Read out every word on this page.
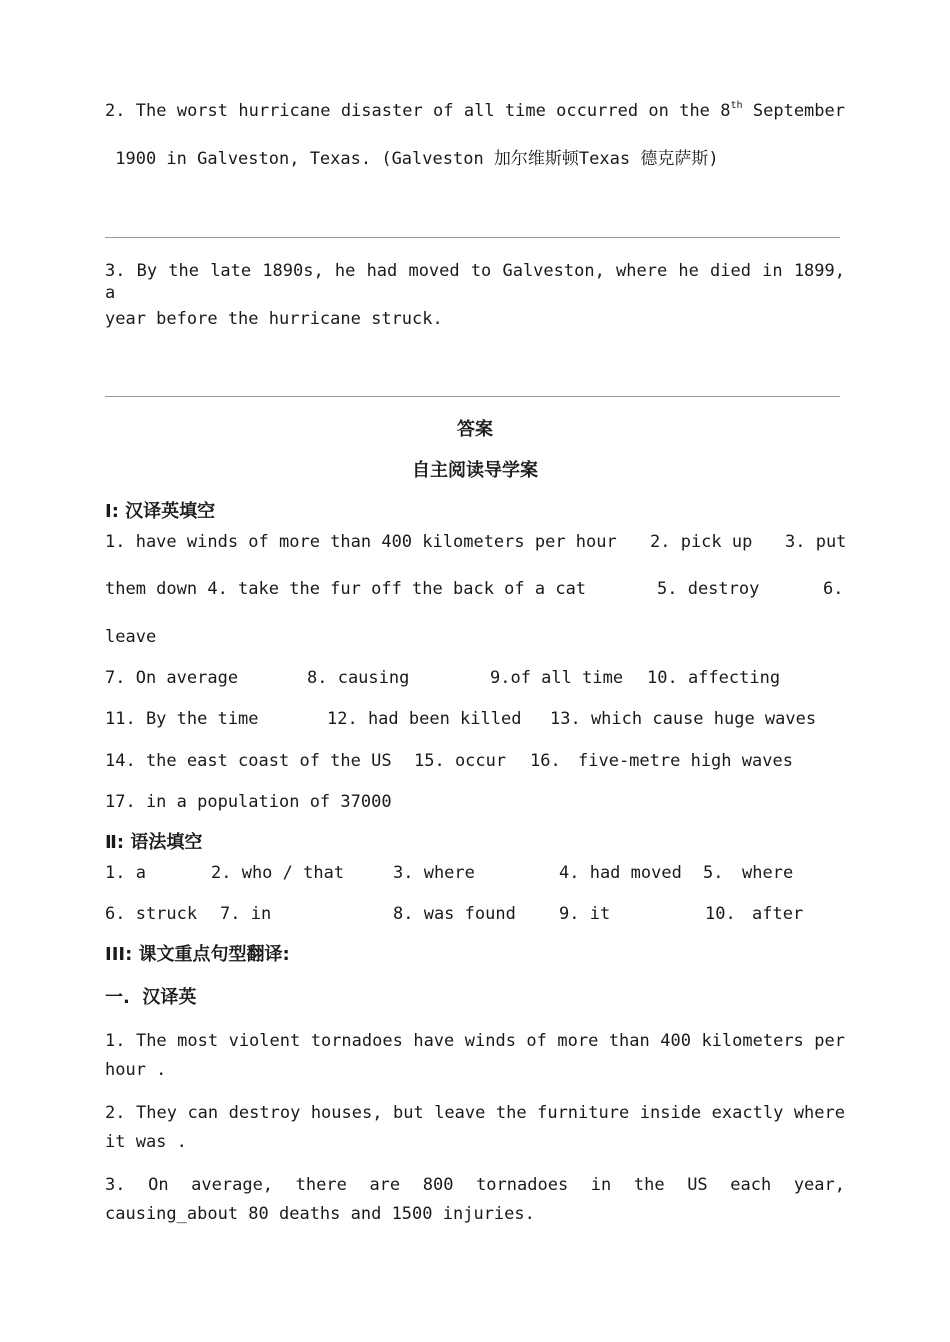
2. The worst hurricane disaster of all time occurred on the 8th September
1900 in Galveston, Texas. (Galveston 加尔维斯顿Texas 德克萨斯)
3. By the late 1890s, he had moved to Galveston, where he died in 1899, a
year before the hurricane struck.
答案
自主阅读导学案
Ⅰ: 汉译英填空
1. have winds of more than 400 kilometers per hour 2. pick up 3. put
them down 4. take the fur off the back of a cat	5. destroy	6.
leave
7. On average	8. causing	9.of all time 10. affecting
11. By the time	12. had been killed 13. which cause huge waves
14. the east coast of the US 15. occur 16. five-metre high waves
17. in a population of 37000
Ⅱ: 语法填空
1. a	2. who / that	3. where	4. had moved 5. where
6. struck 7. in	8. was found	9. it	10. after
III: 课文重点句型翻译:
一.  汉译英
1. The most violent tornadoes have winds of more than 400 kilometers per hour .
2. They can destroy houses, but leave the furniture inside exactly where it was .
3. On average, there are 800 tornadoes in the US each year, causing_about 80 deaths and 1500 injuries.
